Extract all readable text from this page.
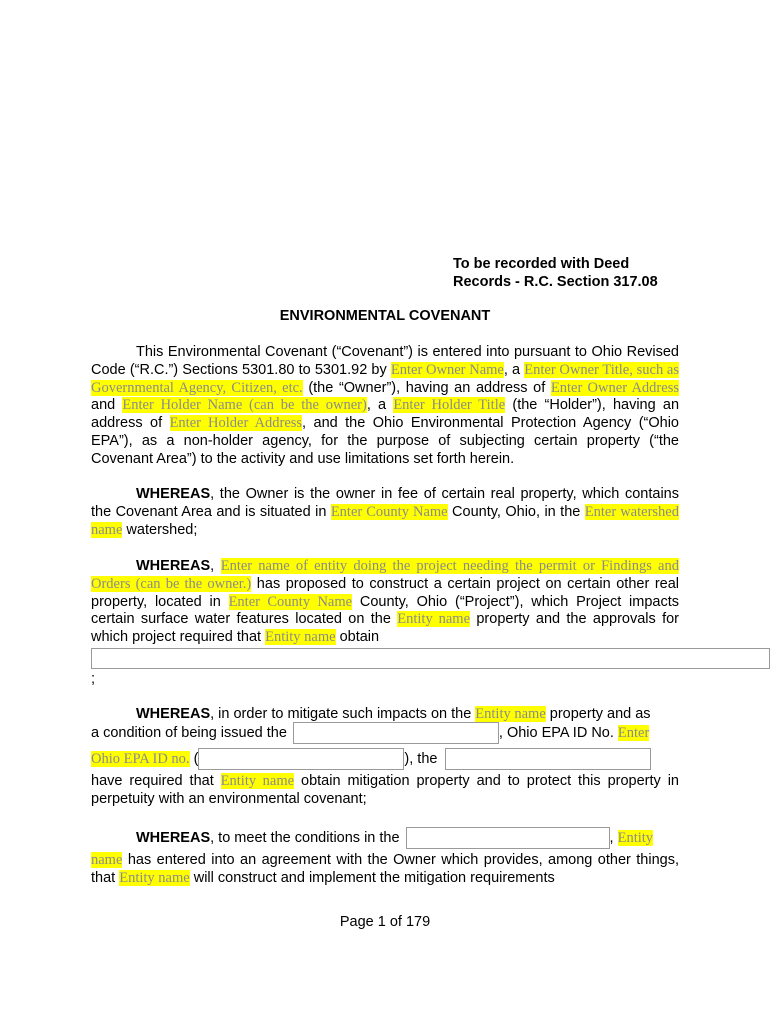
To be recorded with Deed
Records - R.C. Section 317.08
ENVIRONMENTAL COVENANT
This Environmental Covenant (“Covenant”) is entered into pursuant to Ohio Revised Code (“R.C.”) Sections 5301.80 to 5301.92 by Enter Owner Name, a Enter Owner Title, such as Governmental Agency, Citizen, etc. (the “Owner”), having an address of Enter Owner Address and Enter Holder Name (can be the owner), a Enter Holder Title (the “Holder”), having an address of Enter Holder Address, and the Ohio Environmental Protection Agency (“Ohio EPA”), as a non-holder agency, for the purpose of subjecting certain property (“the Covenant Area”) to the activity and use limitations set forth herein.
WHEREAS, the Owner is the owner in fee of certain real property, which contains the Covenant Area and is situated in Enter County Name County, Ohio, in the Enter watershed name watershed;
WHEREAS, Enter name of entity doing the project needing the permit or Findings and Orders (can be the owner.) has proposed to construct a certain project on certain other real property, located in Enter County Name County, Ohio (“Project”), which Project impacts certain surface water features located on the Entity name property and the approvals for which project required that Entity name obtain
;
WHEREAS, in order to mitigate such impacts on the Entity name property and as
a condition of being issued the	, Ohio EPA ID No. Enter
Ohio EPA ID no. (	), the
have required that Entity name obtain mitigation property and to protect this property in perpetuity with an environmental covenant;
WHEREAS, to meet the conditions in the	, Entity
name has entered into an agreement with the Owner which provides, among other things, that Entity name will construct and implement the mitigation requirements
Page 1 of 179
